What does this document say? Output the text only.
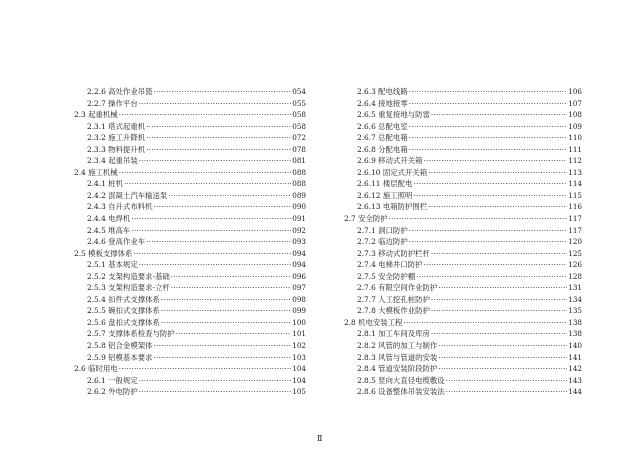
2.2.6 高处作业吊篮 ·····	054
2.2.7 操作平台 ·····	055
2.3 起重机械 ·····	058
2.3.1 塔式起重机 ·····	058
2.3.2 施工升降机 ·····	072
2.3.3 物料提升机 ·····	078
2.3.4 起重吊装 ·····	081
2.4 施工机械 ·····	088
2.4.1 桩机 ·····	088
2.4.2 混凝土汽车输送泵 ·····	089
2.4.3 自升式布料机 ·····	090
2.4.4 电焊机 ·····	091
2.4.5 堆高车 ·····	092
2.4.6 登高作业车 ·····	093
2.5 模板支撑体系 ·····	094
2.5.1 基本规定 ·····	094
2.5.2 支架构造要求-基础 ·····	096
2.5.3 支架构造要求-立杆 ·····	097
2.5.4 扣件式支撑体系 ·····	098
2.5.5 碗扣式支撑体系 ·····	099
2.5.6 盘扣式支撑体系 ·····	100
2.5.7 支撑体系检查与防护 ·····	101
2.5.8 铝合金模架体 ·····	102
2.5.9 铝模基本要求 ·····	103
2.6 临时用电 ·····	104
2.6.1 一般规定 ·····	104
2.6.2 外电防护 ·····	105
2.6.3 配电线路 ·····	106
2.6.4 接地接零 ·····	107
2.6.5 重复接地与防雷 ·····	108
2.6.6 总配电室 ·····	109
2.6.7 总配电箱 ·····	110
2.6.8 分配电箱 ·····	111
2.6.9 移动式开关箱 ·····	112
2.6.10 固定式开关箱 ·····	113
2.6.11 楼层配电 ·····	114
2.6.12 施工照明 ·····	115
2.6.13 电箱防护围栏 ·····	116
2.7 安全防护 ·····	117
2.7.1 洞口防护 ·····	117
2.7.2 临边防护 ·····	120
2.7.3 移动式防护栏杆 ·····	125
2.7.4 电梯井口防护 ·····	126
2.7.5 安全防护棚 ·····	128
2.7.6 有限空间作业防护 ·····	131
2.7.7 人工挖孔桩防护 ·····	134
2.7.8 大模板作业防护 ·····	135
2.8 机电安装工程 ·····	138
2.8.1 加工车间及库房 ·····	138
2.8.2 风管的加工与制作 ·····	140
2.8.3 风管与管道的安装 ·····	141
2.8.4 管道安装阶段防护 ·····	142
2.8.5 竖向大直径电缆敷设 ·····	143
2.8.6 设备整体吊装安装法 ·····	144
Ⅱ
